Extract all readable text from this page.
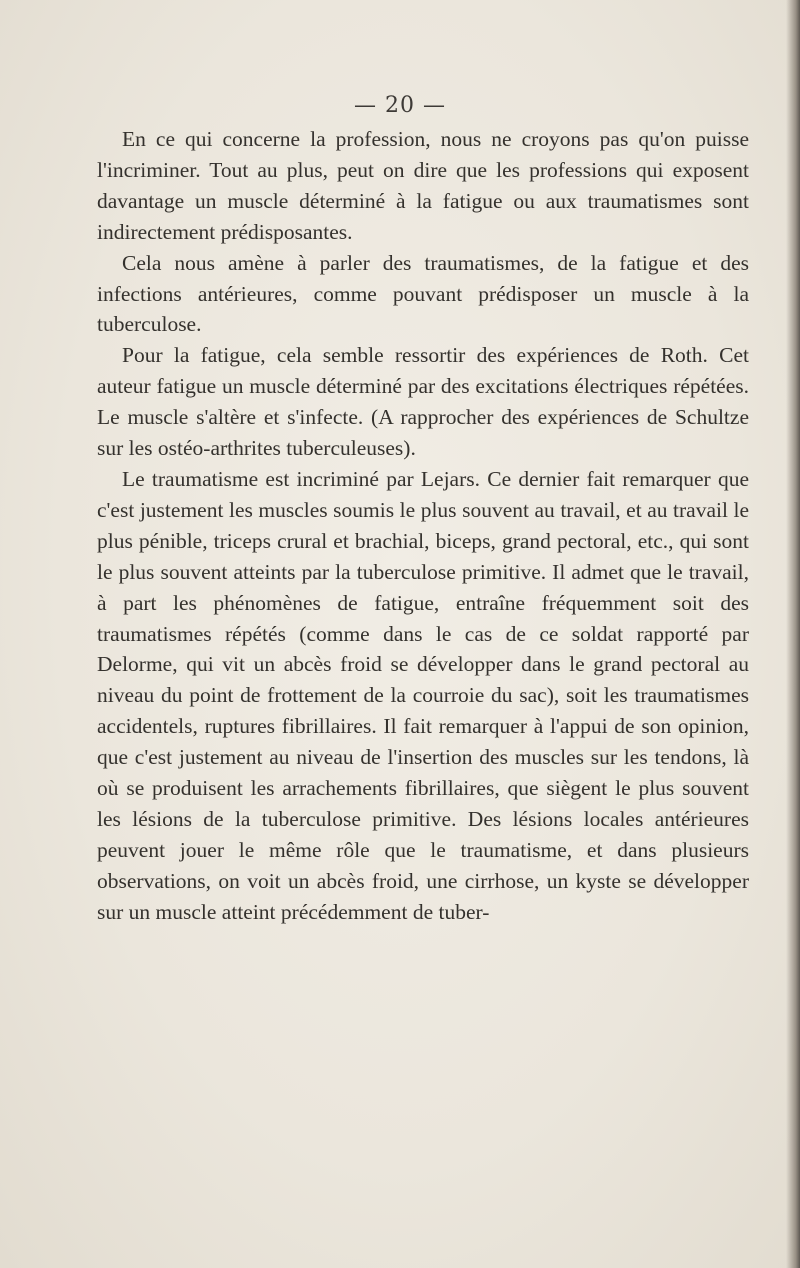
— 20 —

En ce qui concerne la profession, nous ne croyons pas qu'on puisse l'incriminer. Tout au plus, peut on dire que les professions qui exposent davantage un muscle déterminé à la fatigue ou aux traumatismes sont indirectement prédisposantes.

Cela nous amène à parler des traumatismes, de la fatigue et des infections antérieures, comme pouvant prédisposer un muscle à la tuberculose.

Pour la fatigue, cela semble ressortir des expériences de Roth. Cet auteur fatigue un muscle déterminé par des excitations électriques répétées. Le muscle s'altère et s'infecte. (A rapprocher des expériences de Schultze sur les ostéo-arthrites tuberculeuses).

Le traumatisme est incriminé par Lejars. Ce dernier fait remarquer que c'est justement les muscles soumis le plus souvent au travail, et au travail le plus pénible, triceps crural et brachial, biceps, grand pectoral, etc., qui sont le plus souvent atteints par la tuberculose primitive. Il admet que le travail, à part les phénomènes de fatigue, entraîne fréquemment soit des traumatismes répétés (comme dans le cas de ce soldat rapporté par Delorme, qui vit un abcès froid se développer dans le grand pectoral au niveau du point de frottement de la courroie du sac), soit les traumatismes accidentels, ruptures fibrillaires. Il fait remarquer à l'appui de son opinion, que c'est justement au niveau de l'insertion des muscles sur les tendons, là où se produisent les arrachements fibrillaires, que siègent le plus souvent les lésions de la tuberculose primitive. Des lésions locales antérieures peuvent jouer le même rôle que le traumatisme, et dans plusieurs observations, on voit un abcès froid, une cirrhose, un kyste se développer sur un muscle atteint précédemment de tuber-
